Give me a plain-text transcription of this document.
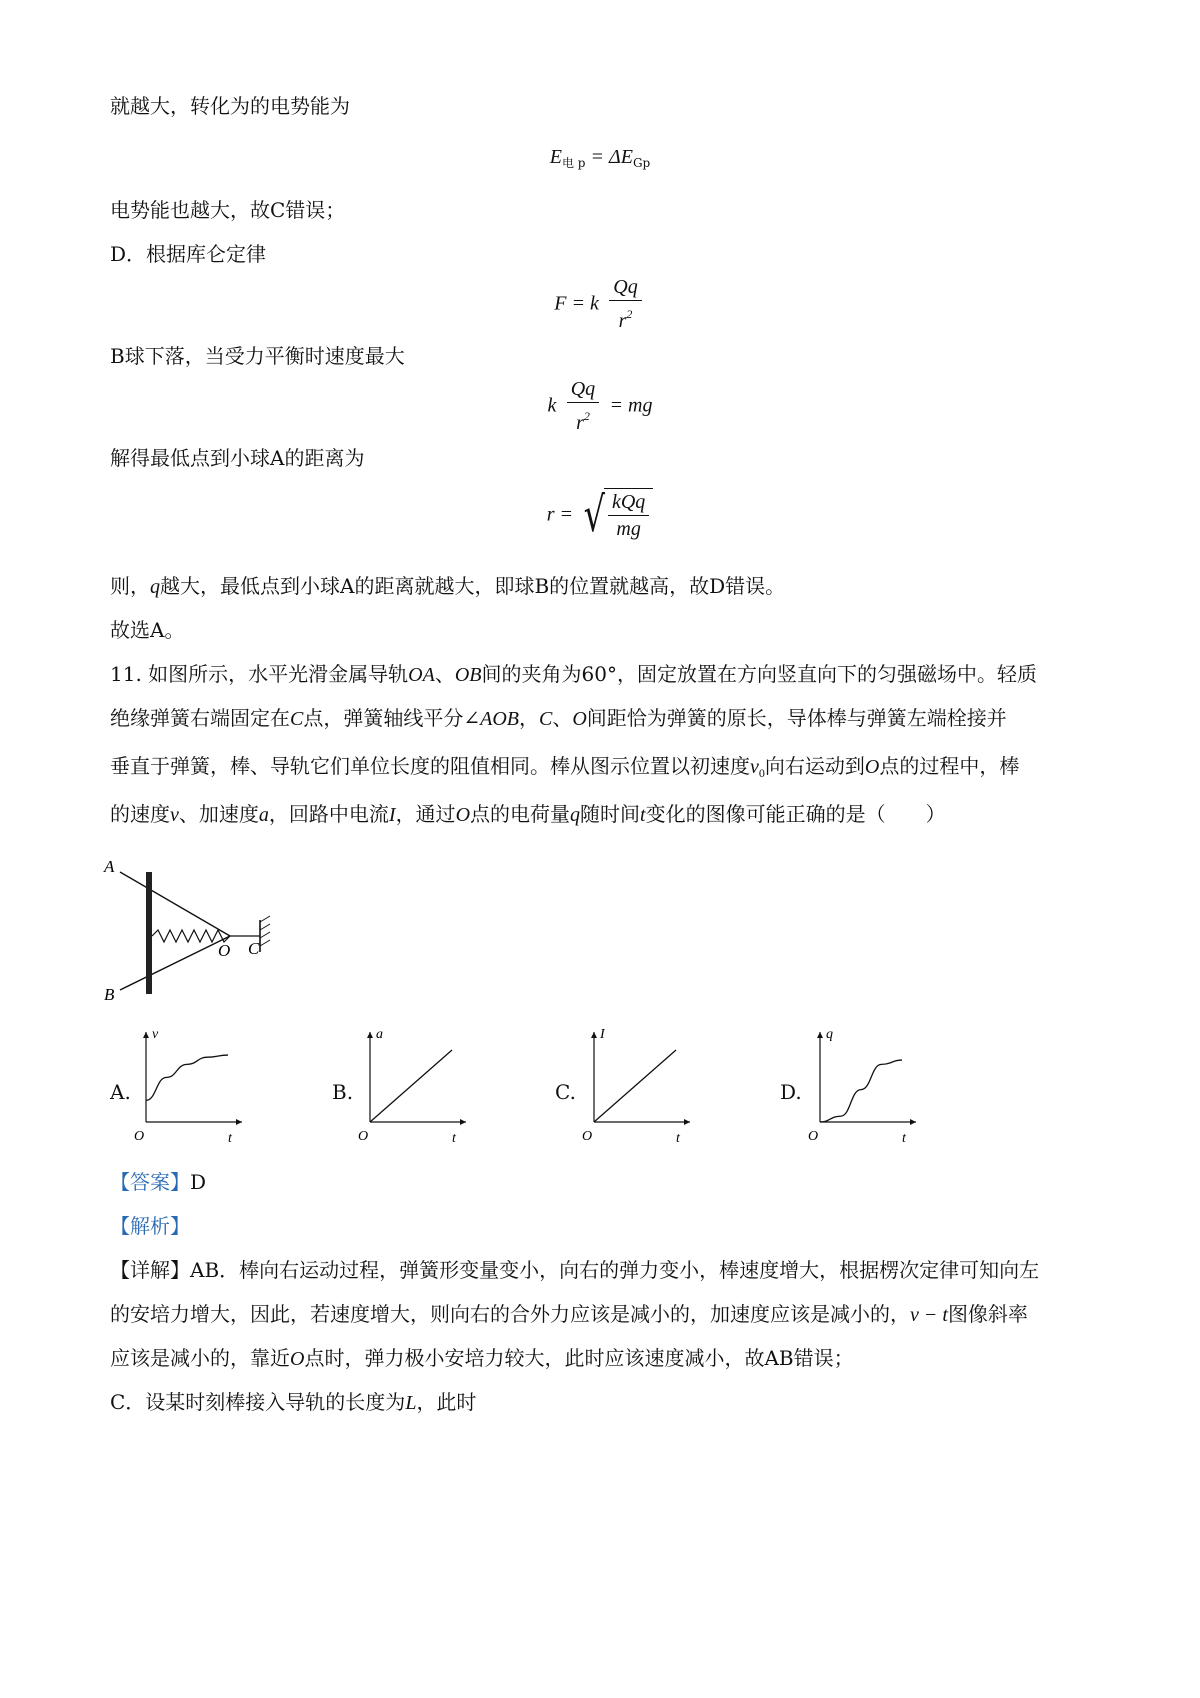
就越大，转化为的电势能为
$E_{电 p} = \Delta E_{Gp}$
电势能也越大，故C错误；
D．根据库仑定律
F = k $\frac{Qq}{r^2}$
B球下落，当受力平衡时速度最大
k $\frac{Qq}{r^2}$ = mg
解得最低点到小球A的距离为
r = √ $\frac{\text{kQq}}{mg}$
则，q越大，最低点到小球A的距离就越大，即球B的位置就越高，故D错误。
故选A。
11. 如图所示，水平光滑金属导轨OA、OB间的夹角为60°，固定放置在方向竖直向下的匀强磁场中。轻质
绝缘弹簧右端固定在C点，弹簧轴线平分∠AOB，C、O间距恰为弹簧的原长，导体棒与弹簧左端栓接并
垂直于弹簧，棒、导轨它们单位长度的阻值相同。棒从图示位置以初速度$v_0$向右运动到O点的过程中，棒
的速度v、加速度a，回路中电流I，通过O点的电荷量q随时间t变化的图像可能正确的是（　　）
A
B
O C
A.
v
t
O
B.
a
t
O
C.
I
t
O
D.
q
t
O
【答案】D
【解析】
【详解】AB．棒向右运动过程，弹簧形变量变小，向右的弹力变小，棒速度增大，根据楞次定律可知向左
的安培力增大，因此，若速度增大，则向右的合外力应该是减小的，加速度应该是减小的，v − t图像斜率
应该是减小的，靠近O点时，弹力极小安培力较大，此时应该速度减小，故AB错误；
C．设某时刻棒接入导轨的长度为L，此时
